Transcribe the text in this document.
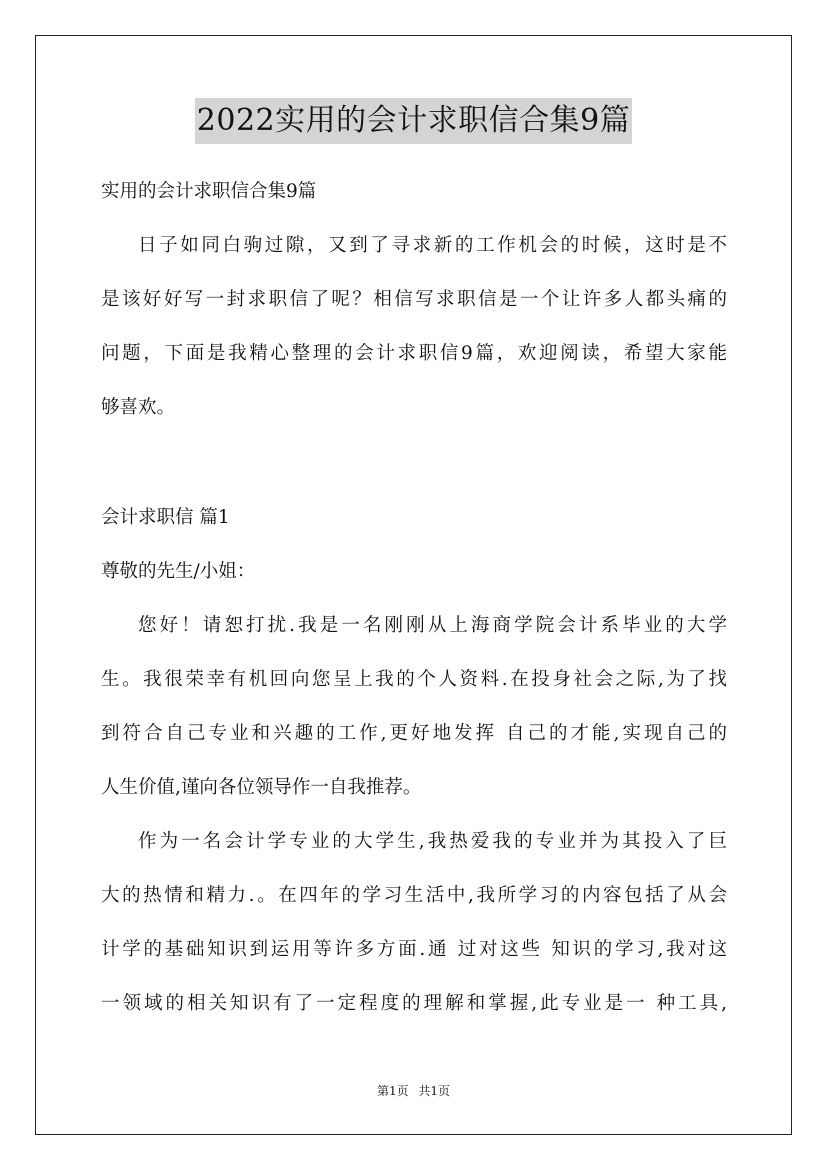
2022实用的会计求职信合集9篇
实用的会计求职信合集9篇
日子如同白驹过隙，又到了寻求新的工作机会的时候，这时是不
是该好好写一封求职信了呢？相信写求职信是一个让许多人都头痛的
问题，下面是我精心整理的会计求职信9篇，欢迎阅读，希望大家能
够喜欢。
会计求职信 篇1
尊敬的先生/小姐：
您好！请恕打扰.我是一名刚刚从上海商学院会计系毕业的大学
生。我很荣幸有机回向您呈上我的个人资料.在投身社会之际,为了找
到符合自己专业和兴趣的工作,更好地发挥 自己的才能,实现自己的
人生价值,谨向各位领导作一自我推荐。
作为一名会计学专业的大学生,我热爱我的专业并为其投入了巨
大的热情和精力.。在四年的学习生活中,我所学习的内容包括了从会
计学的基础知识到运用等许多方面.通 过对这些 知识的学习,我对这
一领域的相关知识有了一定程度的理解和掌握,此专业是一 种工具,
第1页 共1页
